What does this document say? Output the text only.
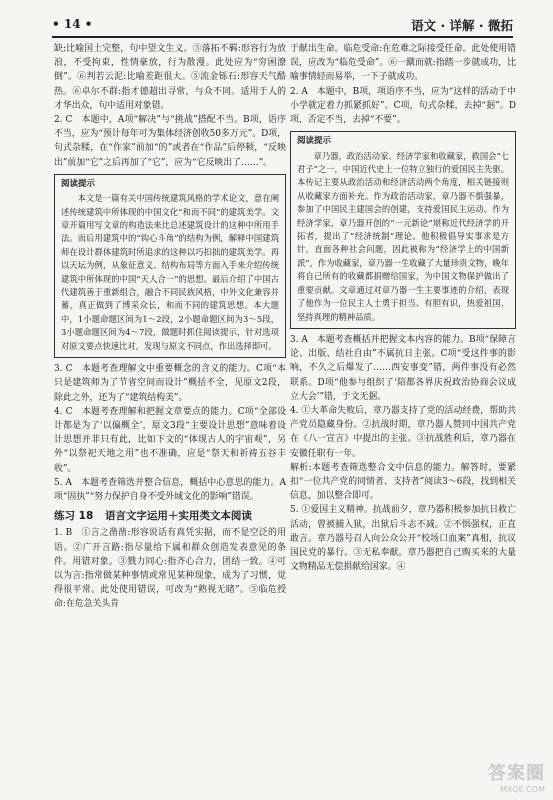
• 14 •	语文 · 详解 · 微拓

缺;比喻国土完整，句中望文生义。⑤落拓不羁:形容行为放浪，不受拘束，性情豪放，行为散漫。此处应为“穷困潦倒”。⑥判若云泥:比喻差距很大。⑤流金铄石:形容天气酷热。⑥卓尔不群:指才德超出寻常，与众不同。适用于人的才华出众，句中适用对象错。

2. C　本题中，A项“解决”与“挑战”搭配不当。B项，语序不当，应为“预计每年可为集体经济创收50多万元”。D项，句式杂糅，在“作家”前加“的”或者在“作品”后停顿，“反映出”前加“它”之后再加了“它”，应为“它反映出了……”。

阅读提示

本文是一篇有关中国传统建筑风格的学术论文，意在阐述传统建筑中所体现的中国文化“和而不同”的建筑美学。文章开篇用写文章的构造法来比总述建筑设计的这种中所用手法。而后用建筑中的“钩心斗角”的结构为例，解释中国建筑师在设计群体建筑时所追求的这种以巧扣拙的建筑美学。再以天坛为例，从象征意义、结构布局等方面入手来介绍传统建筑中所体现的中国“天人合一”的思想。最后介绍了中国古代建筑善于重新组合，融合不同民族风格，中外文化兼容并蓄，真正做到了博采众长，和而不同的建筑思想。本大题中，1小题命题区间为1～2段，2小题命题区间为3～5段，3小题命题区间为4～7段，做题时抓住阅读提示，针对选项对原文要点快速比对，发现与原文不同点，作出选择即可。

3. C　本题考查理解文中重要概念的含义的能力。C项“本只是建筑师为了节省空间而设计”概括不全，见原文2段，除此之外，还为了“建筑结构美”。

4. C　本题考查理解和把握文章要点的能力。C项“全部设计都是为了‘以偏概全’，原文3段“主要设计思想”意味着设计思想并非只有此，比如下文的“体现古人的宇宙观”，另外“以祭祀天地之用”也不准确，应是“祭天和祈祷五谷丰收”。

5. A　本题考查筛选并整合信息，概括中心意思的能力。A项“固执”“努力保护自身不受外域文化的影响”错误。

练习 18 语言文字运用＋实用类文本阅读

1. B　①言之凿凿:形容说话有真凭实据，而不是空泛的用语。②广开言路:指尽量给下属和群众创造发表意见的条件。用错对象。③戮力同心:指齐心合力，团结一致。④可以为言:指常做某种事情或常见某种现象，成为了习惯，觉得很平常。此处使用错误，可改为“熟视无睹”。⑤临危授命:在危急关头肯

于献出生命。临危受命:在危难之际接受任命。此处使用错误，应改为“临危受命”。⑥一蹴而就:指踏一步就成功，比喻事情轻而易举，一下子就成功。

2. A　本题中，B项，项语序不当，应为“这样的活动于中小学就定着力抓紧抓好”。C项，句式杂糅，去掉“据”。D项，否定不当，去掉“不要”。

阅读提示

章乃器，政治活动家、经济学家和收藏家，救国会“七君子”之一，中国近代史上一位特立独行的爱国民主先驱。本传记主要从政治活动和经济活动两个角度，相关链接则从收藏家方面补充。作为政治活动家，章乃器不惧强暴，参加了中国民主建国会的创建，支持爱国民主运动。作为经济学家，章乃器开创的“一元新论”堪称近代经济学的开拓者，提出了“经济统制”理论。他积极倡导实事求是方针，直面各种社会问题，因此被称为“经济学上的中国新派”，作为收藏家，章乃器一生收藏了大量珍贵文物，晚年将自己所有的收藏都捐赠给国家，为中国文物保护做出了重要贡献。文章通过对章乃器一生主要事迹的介绍，表现了他作为一位民主人士勇于担当、有胆有识，热爱祖国、坚持真理的精神品质。

3. A　本题考查概括并把握文本内容的能力。B项“保障言论、出版、结社自由”不属抗日主张。C项“受这件事的影响，不久之后爆发了……西安事变”错，两件事没有必然联系。D项“他参与组织了‘陪都各界庆祝政治协商会议成立大会’”错，于文无据。

4. ①大革命失败后，章乃器支持了党的活动经费，帮助共产党员隐藏身份。②抗战时期，章乃器人赞同中国共产党在《八一宣言》中提出的主张。③抗战胜利后，章乃器在安徽任职有一年。

解析:本题考查筛选整合文中信息的能力。解答时，要紧扣“一位共产党的同情者、支持者”阅读3～6段，找到相关信息，加以整合即可。

5. ①爱国主义精神。抗战前夕，章乃器积极参加抗日救亡活动，曾被捕入狱，出狱后斗志不减。②不惧强权，正直敢言。章乃器号召人向公众公开“校场口血案”真相，抗议国民党的暴行。③无私奉献。章乃器把自己购买来的大量文物精品无偿捐献给国家。④

答案圈
MXQE.COM
